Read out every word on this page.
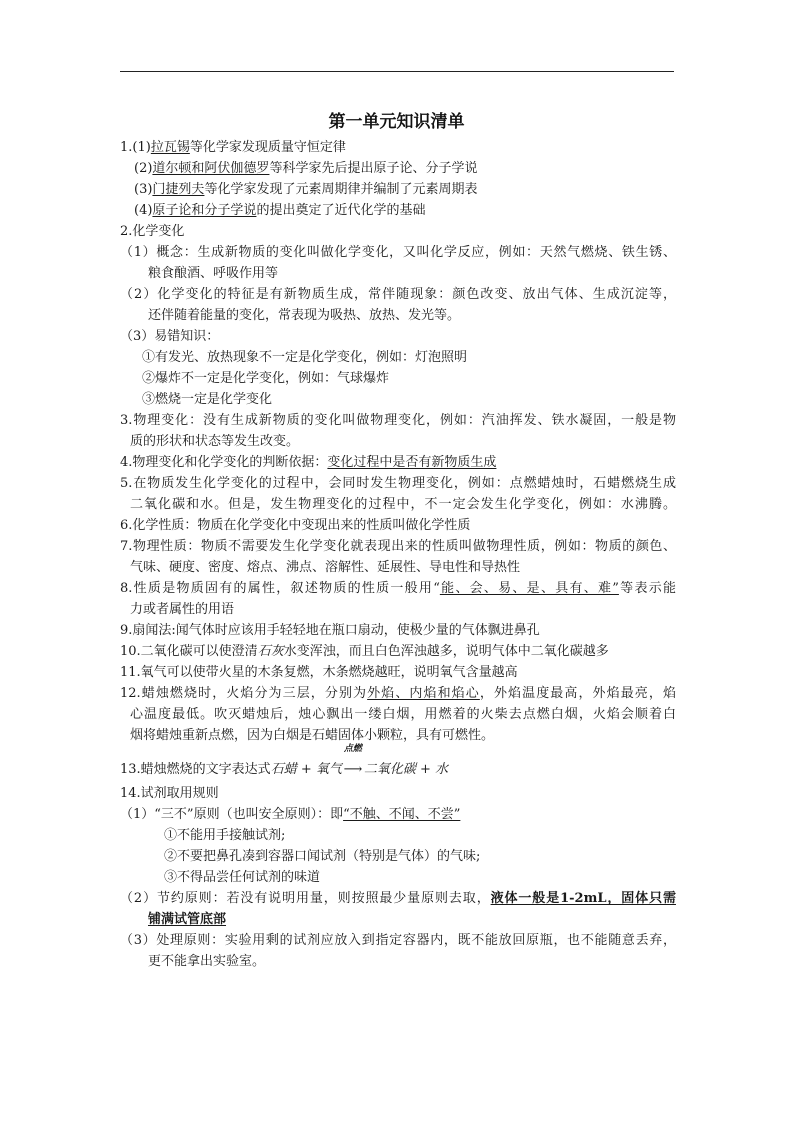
第一单元知识清单
1.(1)拉瓦锡等化学家发现质量守恒定律
(2)道尔顿和阿伏伽德罗等科学家先后提出原子论、分子学说
(3)门捷列夫等化学家发现了元素周期律并编制了元素周期表
(4)原子论和分子学说的提出奠定了近代化学的基础
2.化学变化
（1）概念：生成新物质的变化叫做化学变化，又叫化学反应，例如：天然气燃烧、铁生锈、
粮食酿酒、呼吸作用等
（2）化学变化的特征是有新物质生成，常伴随现象：颜色改变、放出气体、生成沉淀等，
还伴随着能量的变化，常表现为吸热、放热、发光等。
（3）易错知识：
①有发光、放热现象不一定是化学变化，例如：灯泡照明
②爆炸不一定是化学变化，例如：气球爆炸
③燃烧一定是化学变化
3.物理变化：没有生成新物质的变化叫做物理变化，例如：汽油挥发、铁水凝固，一般是物
质的形状和状态等发生改变。
4.物理变化和化学变化的判断依据：变化过程中是否有新物质生成
5.在物质发生化学变化的过程中，会同时发生物理变化，例如：点燃蜡烛时，石蜡燃烧生成
二氧化碳和水。但是，发生物理变化的过程中，不一定会发生化学变化，例如：水沸腾。
6.化学性质：物质在化学变化中变现出来的性质叫做化学性质
7.物理性质：物质不需要发生化学变化就表现出来的性质叫做物理性质，例如：物质的颜色、
气味、硬度、密度、熔点、沸点、溶解性、延展性、导电性和导热性
8.性质是物质固有的属性，叙述物质的性质一般用“能、会、易、是、具有、难”等表示能
力或者属性的用语
9.扇闻法:闻气体时应该用手轻轻地在瓶口扇动，使极少量的气体飘进鼻孔
10.二氧化碳可以使澄清石灰水变浑浊，而且白色浑浊越多，说明气体中二氧化碳越多
11.氧气可以使带火星的木条复燃，木条燃烧越旺，说明氧气含量越高
12.蜡烛燃烧时，火焰分为三层，分别为外焰、内焰和焰心，外焰温度最高，外焰最亮，焰
心温度最低。吹灭蜡烛后，烛心飘出一缕白烟，用燃着的火柴去点燃白烟，火焰会顺着白
烟将蜡烛重新点燃，因为白烟是石蜡固体小颗粒，具有可燃性。
13.蜡烛燃烧的文字表达式石蜡 + 氧气
点燃
⟶ 二氧化碳 + 水
14.试剂取用规则
（1）“三不”原则（也叫安全原则）：即“不触、不闻、不尝”
①不能用手接触试剂;
②不要把鼻孔凑到容器口闻试剂（特别是气体）的气味;
③不得品尝任何试剂的味道
（2）节约原则：若没有说明用量，则按照最少量原则去取，液体一般是1-2mL，固体只需
铺满试管底部
（3）处理原则：实验用剩的试剂应放入到指定容器内，既不能放回原瓶，也不能随意丢弃，
更不能拿出实验室。
